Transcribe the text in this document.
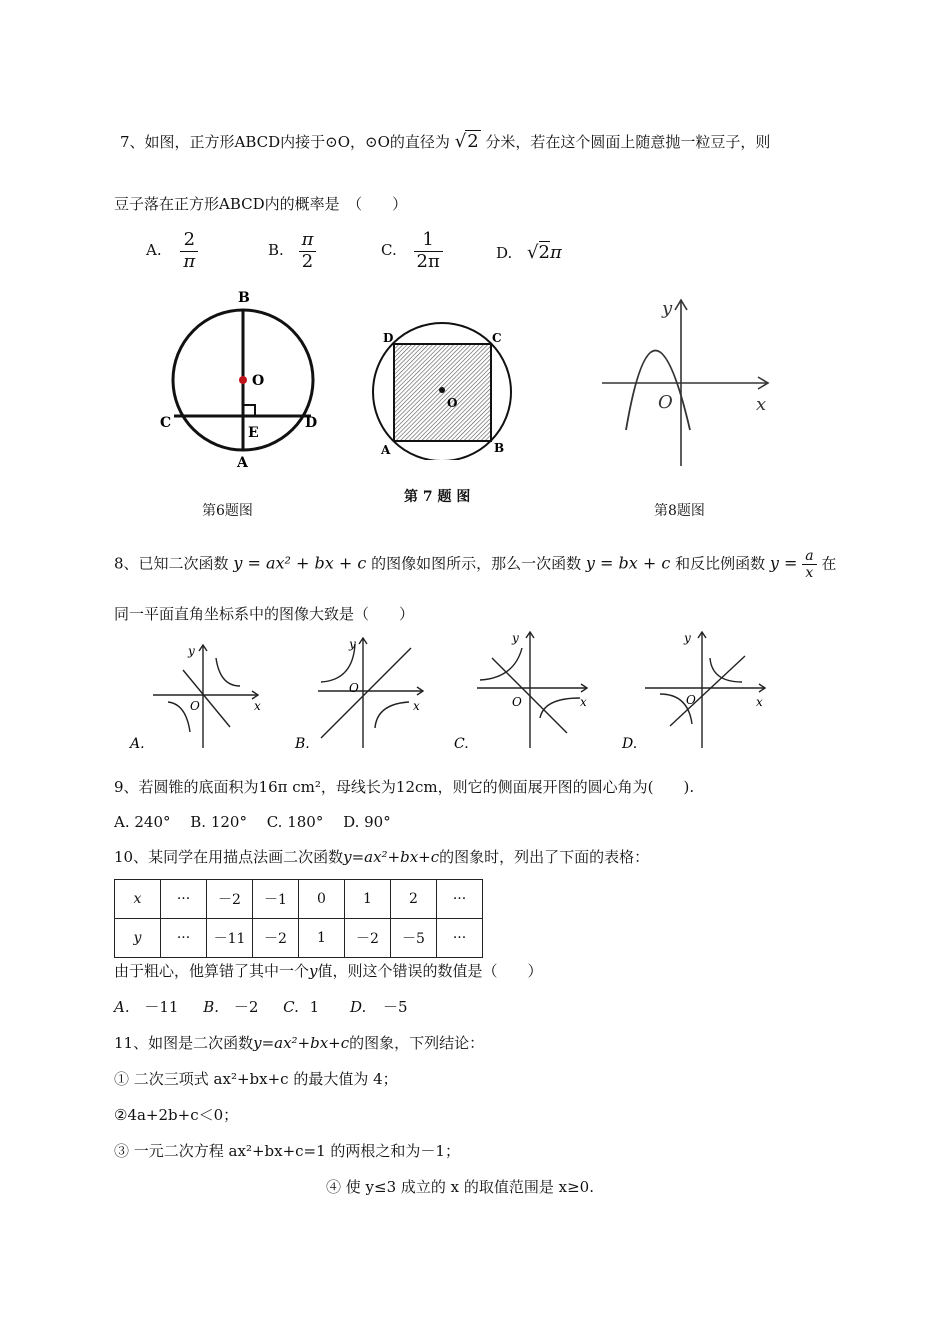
7、如图，正方形ABCD内接于⊙O，⊙O的直径为 √2 分米，若在这个圆面上随意抛一粒豆子，则
豆子落在正方形ABCD内的概率是　（　　）
A. $\frac{2}{\pi}$	B. $\frac{\pi}{2}$	C. $\frac{1}{2\pi}$	D. √2π
B
O
C	D
E
A
第6题图
D	C
O
A	B
第 7 题 图
y
O	x
第8题图
8、已知二次函数 y = ax² + bx + c 的图像如图所示，那么一次函数 y = bx + c 和反比例函数 $y = \frac{a}{x}$ 在
同一平面直角坐标系中的图像大致是（　　）
y
x
O
A.
y
x
O
B.
y
x
O
C.
y
x
O
D.
9、若圆锥的底面积为16π cm²，母线长为12cm，则它的侧面展开图的圆心角为(　　).
A. 240°　 B. 120°　 C. 180°　 D. 90°
10、某同学在用描点法画二次函数y=ax²+bx+c的图象时，列出了下面的表格：
x	···	－2	－1	0	1	2	···
y	···	－11	－2	1	－2	－5	···
由于粗心，他算错了其中一个y值，则这个错误的数值是（　　）
A. －11 B. －2 C. 1 D. －5
11、如图是二次函数y=ax²+bx+c的图象，下列结论：
① 二次三项式 ax²+bx+c 的最大值为 4；
②4a+2b+c＜0；
③ 一元二次方程 ax²+bx+c=1 的两根之和为－1；
④ 使 y≤3 成立的 x 的取值范围是 x≥0.
